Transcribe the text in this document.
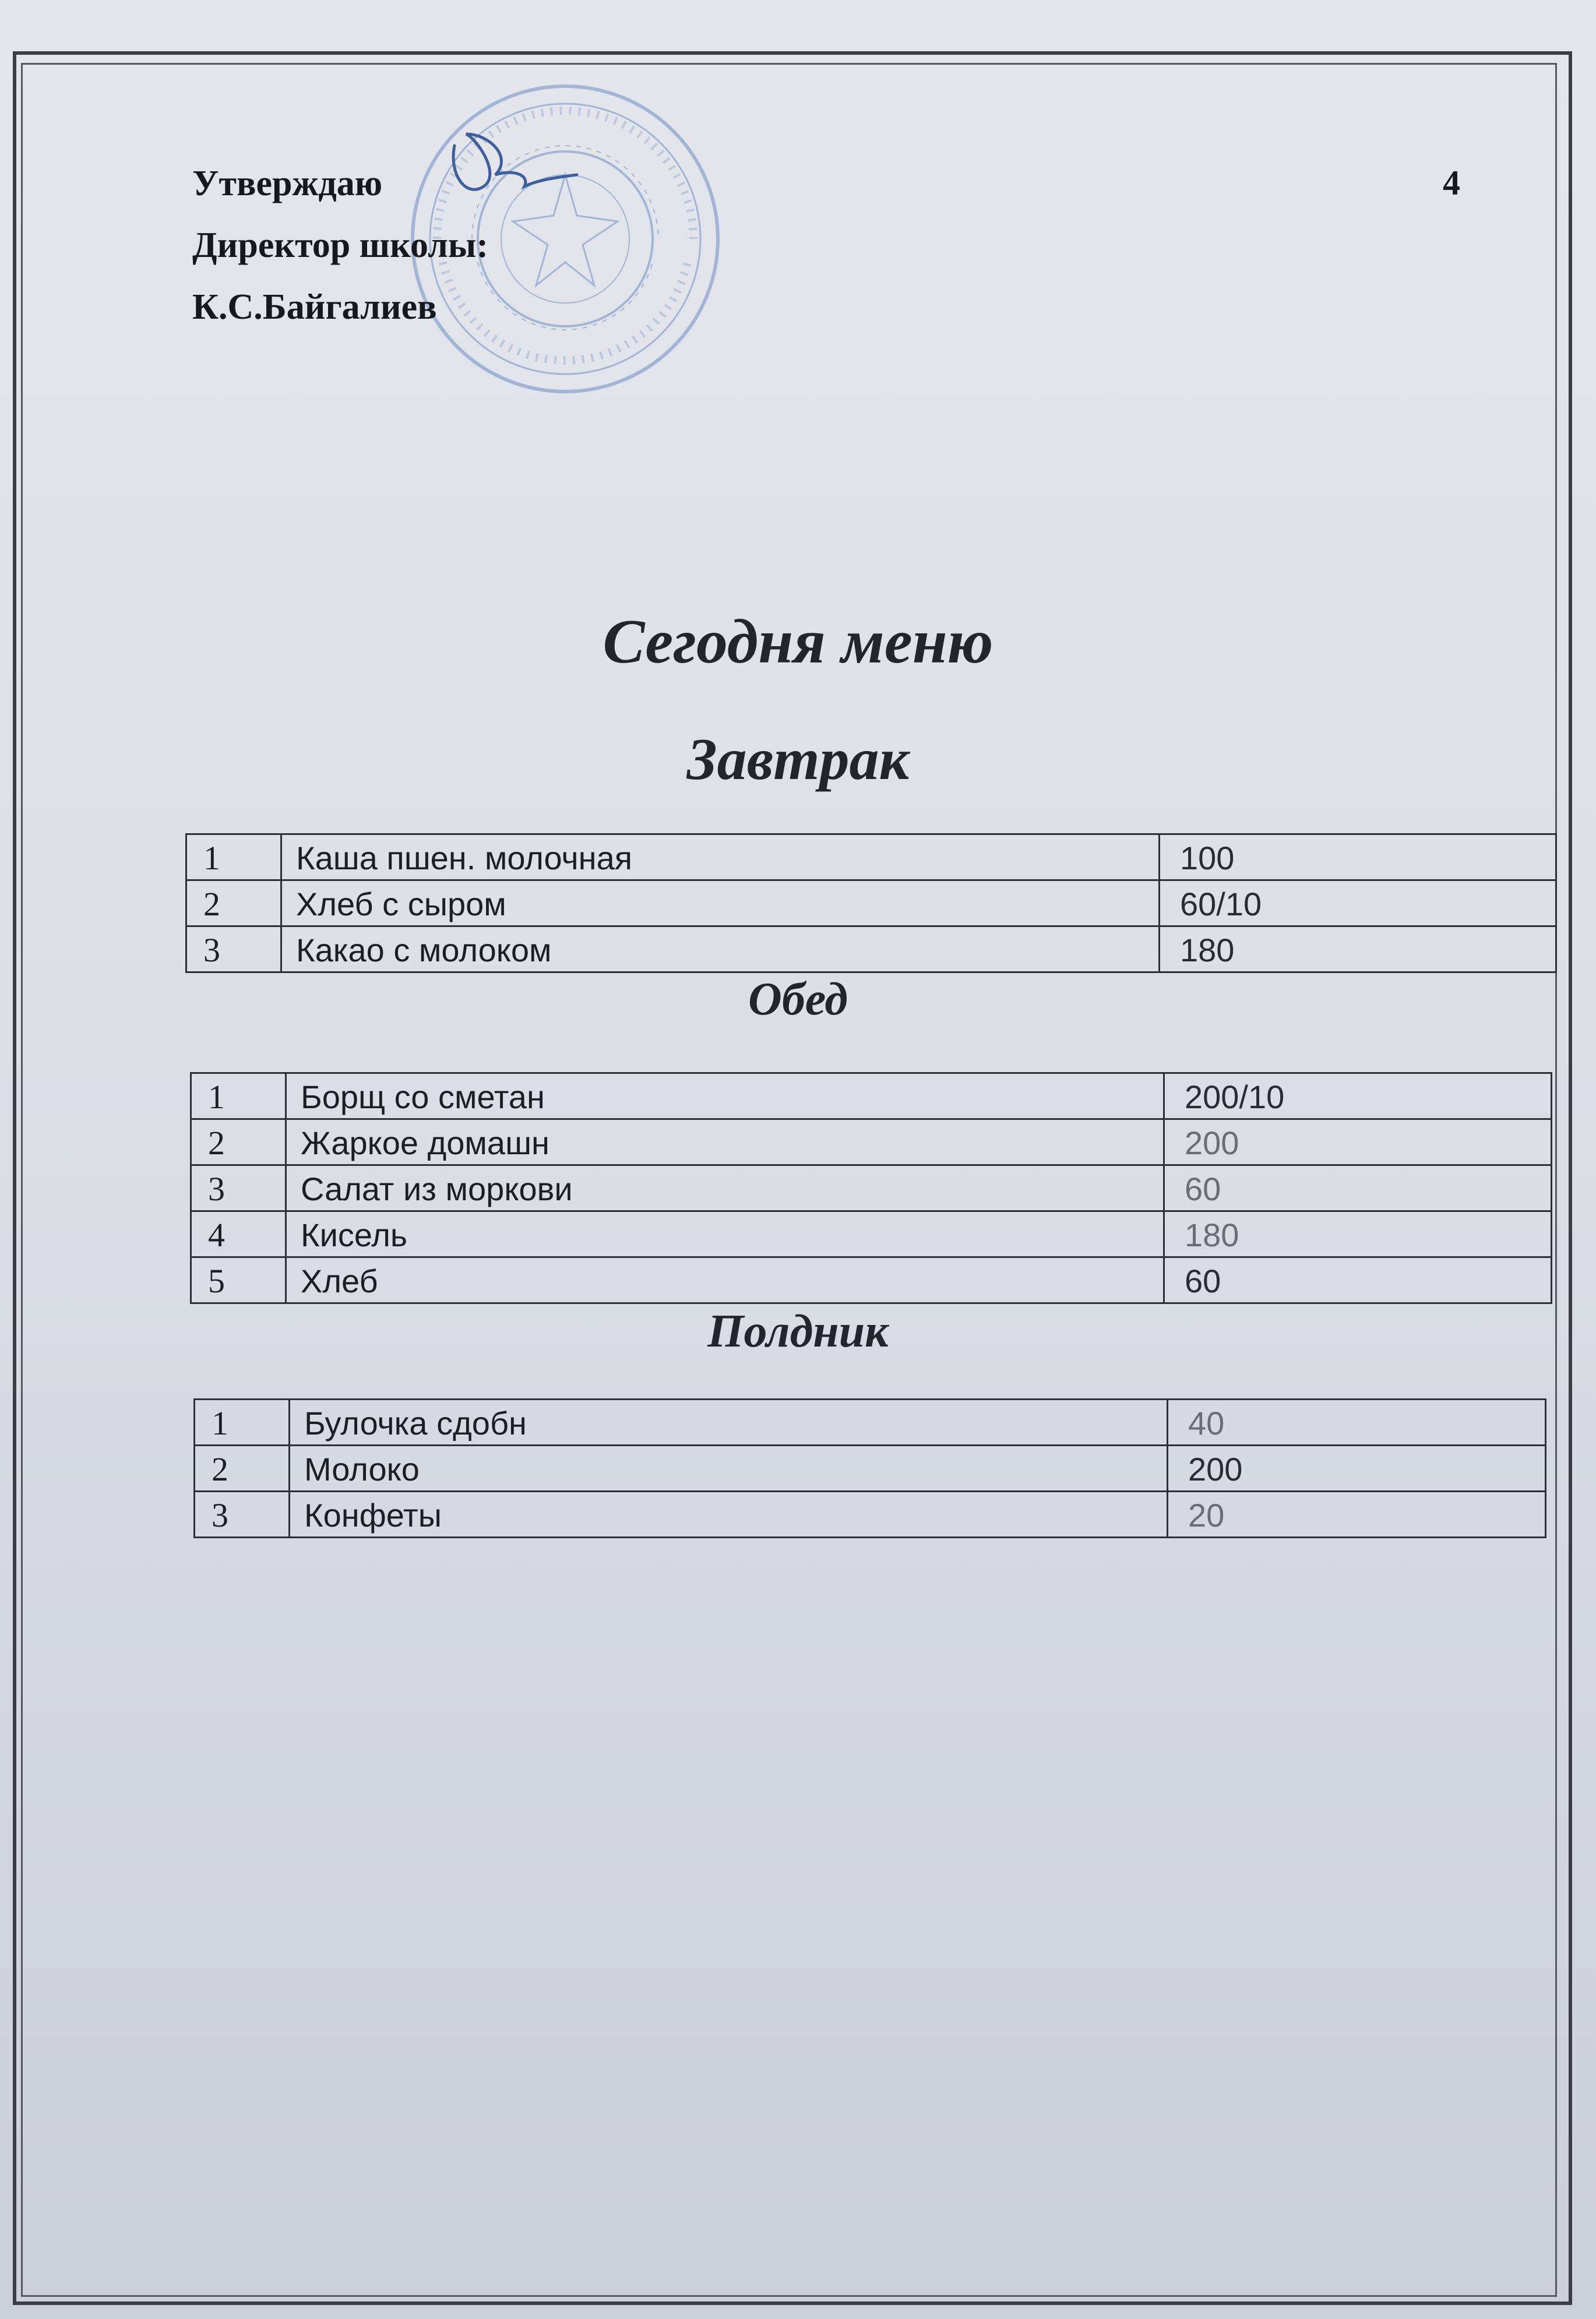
Утверждаю
Директор школы:
К.С.Байгалиев
4
Сегодня меню
Завтрак
1	Каша пшен. молочная	100
2	Хлеб с сыром	60/10
3	Какао с молоком	180
Обед
1	Борщ со сметан	200/10
2	Жаркое домашн	200
3	Салат из моркови	60
4	Кисель	180
5	Хлеб	60
Полдник
1	Булочка сдобн	40
2	Молоко	200
3	Конфеты	20
